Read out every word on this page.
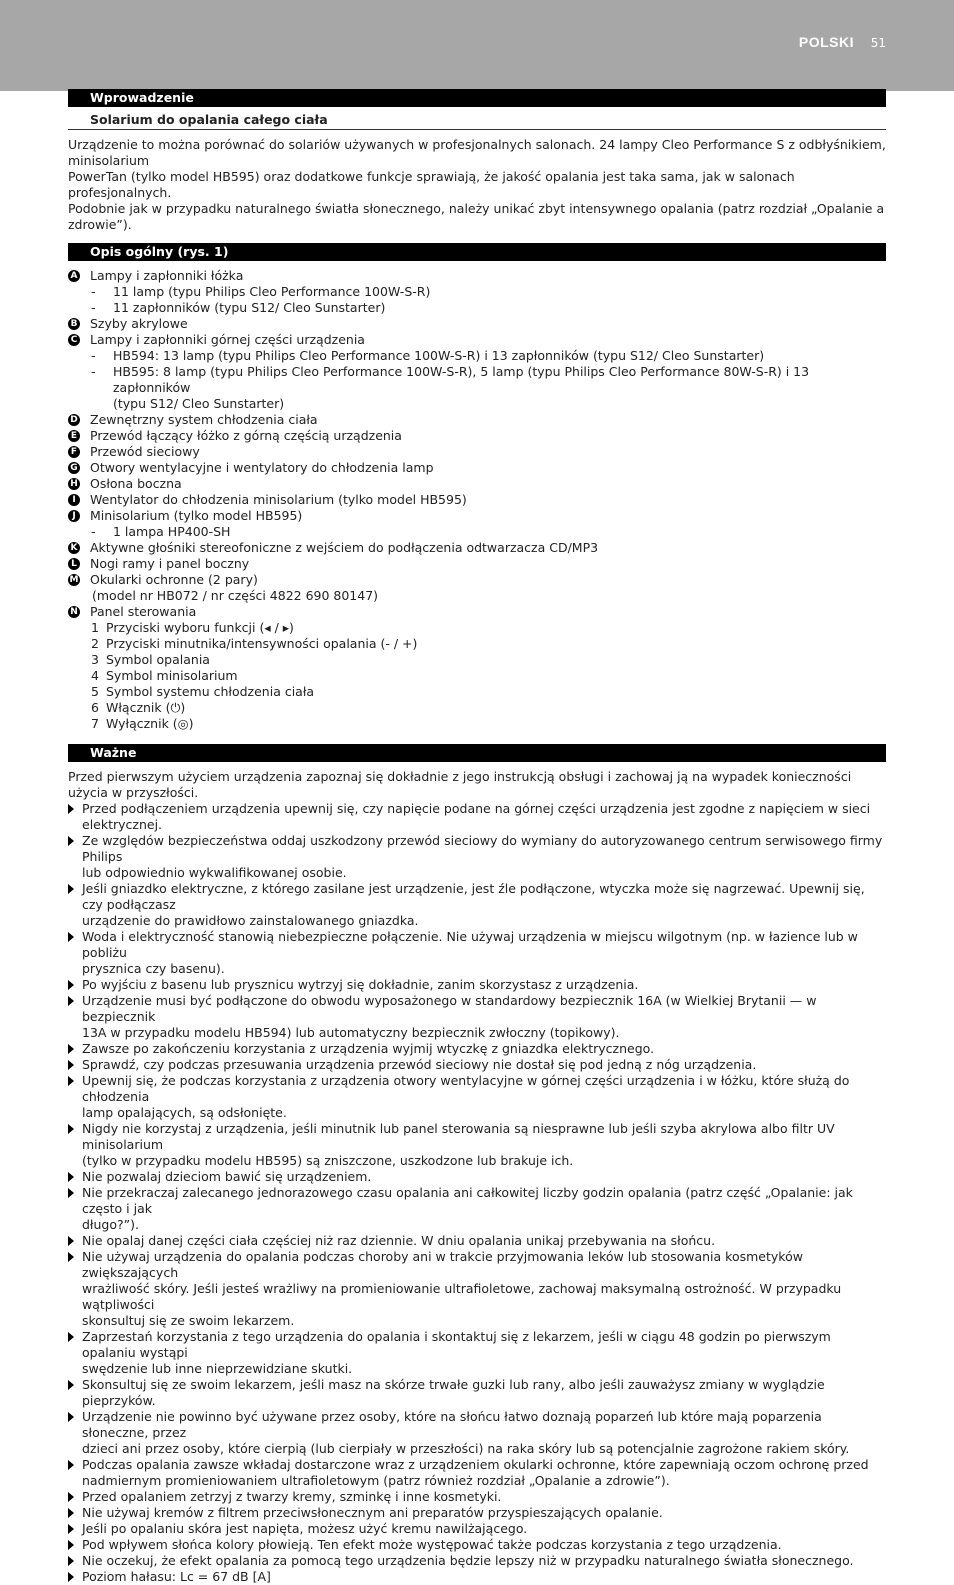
POLSKI 51
Wprowadzenie
Solarium do opalania całego ciała
Urządzenie to można porównać do solariów używanych w profesjonalnych salonach. 24 lampy Cleo Performance S z odbłyśnikiem, minisolarium
PowerTan (tylko model HB595) oraz dodatkowe funkcje sprawiają, że jakość opalania jest taka sama, jak w salonach profesjonalnych.
Podobnie jak w przypadku naturalnego światła słonecznego, należy unikać zbyt intensywnego opalania (patrz rozdział „Opalanie a zdrowie”).
Opis ogólny (rys. 1)
A Lampy i zapłonniki łóżka
- 11 lamp (typu Philips Cleo Performance 100W-S-R)
- 11 zapłonników (typu S12/ Cleo Sunstarter)
B Szyby akrylowe
C Lampy i zapłonniki górnej części urządzenia
- HB594: 13 lamp (typu Philips Cleo Performance 100W-S-R) i 13 zapłonników (typu S12/ Cleo Sunstarter)
- HB595: 8 lamp (typu Philips Cleo Performance 100W-S-R), 5 lamp (typu Philips Cleo Performance 80W-S-R) i 13 zapłonników
(typu S12/ Cleo Sunstarter)
D Zewnętrzny system chłodzenia ciała
E Przewód łączący łóżko z górną częścią urządzenia
F Przewód sieciowy
G Otwory wentylacyjne i wentylatory do chłodzenia lamp
H Osłona boczna
I	Wentylator do chłodzenia minisolarium (tylko model HB595)
J	Minisolarium (tylko model HB595)
- 1 lampa HP400-SH
K Aktywne głośniki stereofoniczne z wejściem do podłączenia odtwarzacza CD/MP3
L Nogi ramy i panel boczny
M Okularki ochronne (2 pary)
(model nr HB072 / nr części 4822 690 80147)
N Panel sterowania
1 Przyciski wyboru funkcji (◂ / ▸)
2 Przyciski minutnika/intensywności opalania (- / +)
3 Symbol opalania
4 Symbol minisolarium
5 Symbol systemu chłodzenia ciała
6 Włącznik (⏻)
7 Wyłącznik (◎)
Ważne
Przed pierwszym użyciem urządzenia zapoznaj się dokładnie z jego instrukcją obsługi i zachowaj ją na wypadek konieczności użycia w przyszłości.
Przed podłączeniem urządzenia upewnij się, czy napięcie podane na górnej części urządzenia jest zgodne z napięciem w sieci elektrycznej.
Ze względów bezpieczeństwa oddaj uszkodzony przewód sieciowy do wymiany do autoryzowanego centrum serwisowego firmy Philips
lub odpowiednio wykwalifikowanej osobie.
Jeśli gniazdko elektryczne, z którego zasilane jest urządzenie, jest źle podłączone, wtyczka może się nagrzewać. Upewnij się, czy podłączasz
urządzenie do prawidłowo zainstalowanego gniazdka.
Woda i elektryczność stanowią niebezpieczne połączenie. Nie używaj urządzenia w miejscu wilgotnym (np. w łazience lub w pobliżu
prysznica czy basenu).
Po wyjściu z basenu lub prysznicu wytrzyj się dokładnie, zanim skorzystasz z urządzenia.
Urządzenie musi być podłączone do obwodu wyposażonego w standardowy bezpiecznik 16A (w Wielkiej Brytanii — w bezpiecznik
13A w przypadku modelu HB594) lub automatyczny bezpiecznik zwłoczny (topikowy).
Zawsze po zakończeniu korzystania z urządzenia wyjmij wtyczkę z gniazdka elektrycznego.
Sprawdź, czy podczas przesuwania urządzenia przewód sieciowy nie dostał się pod jedną z nóg urządzenia.
Upewnij się, że podczas korzystania z urządzenia otwory wentylacyjne w górnej części urządzenia i w łóżku, które służą do chłodzenia
lamp opalających, są odsłonięte.
Nigdy nie korzystaj z urządzenia, jeśli minutnik lub panel sterowania są niesprawne lub jeśli szyba akrylowa albo filtr UV minisolarium
(tylko w przypadku modelu HB595) są zniszczone, uszkodzone lub brakuje ich.
Nie pozwalaj dzieciom bawić się urządzeniem.
Nie przekraczaj zalecanego jednorazowego czasu opalania ani całkowitej liczby godzin opalania (patrz część „Opalanie: jak często i jak
długo?”).
Nie opalaj danej części ciała częściej niż raz dziennie. W dniu opalania unikaj przebywania na słońcu.
Nie używaj urządzenia do opalania podczas choroby ani w trakcie przyjmowania leków lub stosowania kosmetyków zwiększających
wrażliwość skóry. Jeśli jesteś wrażliwy na promieniowanie ultrafioletowe, zachowaj maksymalną ostrożność. W przypadku wątpliwości
skonsultuj się ze swoim lekarzem.
Zaprzestań korzystania z tego urządzenia do opalania i skontaktuj się z lekarzem, jeśli w ciągu 48 godzin po pierwszym opalaniu wystąpi
swędzenie lub inne nieprzewidziane skutki.
Skonsultuj się ze swoim lekarzem, jeśli masz na skórze trwałe guzki lub rany, albo jeśli zauważysz zmiany w wyglądzie pieprzyków.
Urządzenie nie powinno być używane przez osoby, które na słońcu łatwo doznają poparzeń lub które mają poparzenia słoneczne, przez
dzieci ani przez osoby, które cierpią (lub cierpiały w przeszłości) na raka skóry lub są potencjalnie zagrożone rakiem skóry.
Podczas opalania zawsze wkładaj dostarczone wraz z urządzeniem okularki ochronne, które zapewniają oczom ochronę przed
nadmiernym promieniowaniem ultrafioletowym (patrz również rozdział „Opalanie a zdrowie”).
Przed opalaniem zetrzyj z twarzy kremy, szminkę i inne kosmetyki.
Nie używaj kremów z filtrem przeciwsłonecznym ani preparatów przyspieszających opalanie.
Jeśli po opalaniu skóra jest napięta, możesz użyć kremu nawilżającego.
Pod wpływem słońca kolory płowieją. Ten efekt może występować także podczas korzystania z tego urządzenia.
Nie oczekuj, że efekt opalania za pomocą tego urządzenia będzie lepszy niż w przypadku naturalnego światła słonecznego.
Poziom hałasu: Lc = 67 dB [A]
